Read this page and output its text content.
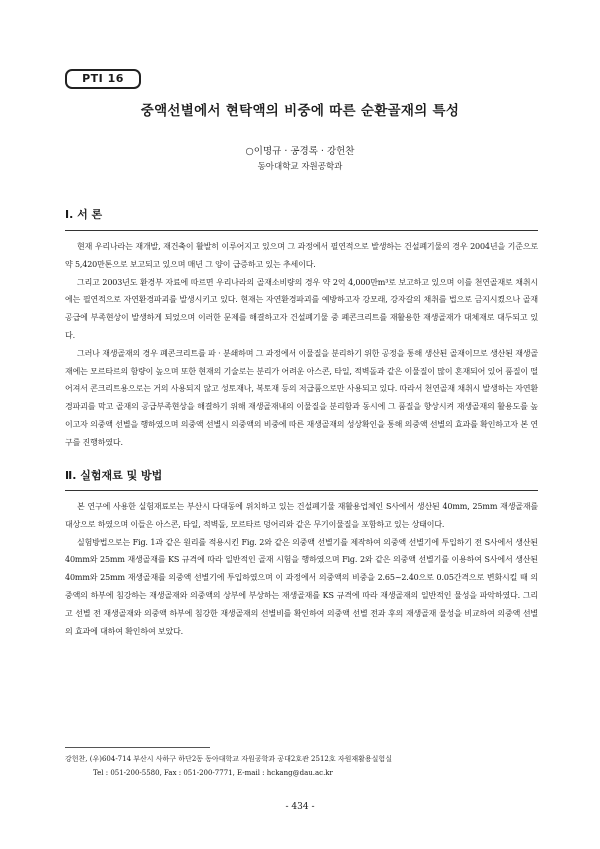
PTI 16
중액선별에서 현탁액의 비중에 따른 순환골재의 특성
○이명규 · 공경록 · 강헌찬
동아대학교 자원공학과
Ⅰ. 서 론

현재 우리나라는 재개발, 재건축이 활발히 이루어지고 있으며 그 과정에서 필연적으로 발생하는 건설폐기물의 경우 2004년을 기준으로 약 5,420만톤으로 보고되고 있으며 매년 그 양이 급증하고 있는 추세이다.

그리고 2003년도 환경부 자료에 따르면 우리나라의 골재소비량의 경우 약 2억 4,000만m³로 보고하고 있으며 이를 천연골재로 채취시에는 필연적으로 자연환경파괴를 발생시키고 있다. 현재는 자연환경파괴를 예방하고자 강모래, 강자갈의 채취를 법으로 금지시켰으나 골재공급에 부족현상이 발생하게 되었으며 이러한 문제를 해결하고자 건설폐기물 중 폐콘크리트를 재활용한 재생골재가 대체재로 대두되고 있다.

그러나 재생골재의 경우 폐콘크리트를 파 · 분쇄하며 그 과정에서 이물질을 분리하기 위한 공정을 통해 생산된 골재이므로 생산된 재생골재에는 모르타르의 함량이 높으며 또한 현재의 기술로는 분리가 어려운 아스콘, 타일, 적벽돌과 같은 이물질이 많이 혼재되어 있어 품질이 떨어져서 콘크리트용으로는 거의 사용되지 않고 성토재나, 복토재 등의 저급품으로만 사용되고 있다. 따라서 천연골재 채취시 발생하는 자연환경파괴를 막고 골재의 공급부족현상을 해결하기 위해 재생골재내의 이물질을 분리함과 동시에 그 품질을 향상시켜 재생골재의 활용도를 높이고자 의중액 선별을 행하였으며 의중액 선별시 의중액의 비중에 따른 재생골재의 성상확인을 통해 의중액 선별의 효과를 확인하고자 본 연구를 진행하였다.

Ⅱ. 실험재료 및 방법

본 연구에 사용한 실험재료로는 부산시 다대동에 위치하고 있는 건설폐기물 재활용업체인 S사에서 생산된 40mm, 25mm 재생골재를 대상으로 하였으며 이들은 아스콘, 타일, 적벽돌, 모르타르 덩어리와 같은 무기이물질을 포함하고 있는 상태이다.

실험방법으로는 Fig. 1과 같은 원리를 적용시킨 Fig. 2와 같은 의중액 선별기를 제작하여 의중액 선별기에 투입하기 전 S사에서 생산된 40mm와 25mm 재생골재를 KS 규격에 따라 일반적인 골재 시험을 행하였으며 Fig. 2와 같은 의중액 선별기를 이용하여 S사에서 생산된 40mm와 25mm 재생골재를 의중액 선별기에 투입하였으며 이 과정에서 의중액의 비중을 2.65~2.40으로 0.05간격으로 변화시킬 때 의중액의 하부에 침강하는 재생골재와 의중액의 상부에 부상하는 재생골재를 KS 규격에 따라 재생골재의 일반적인 물성을 파악하였다. 그리고 선별 전 재생골재와 의중액 하부에 침강한 재생골재의 선별비를 확인하여 의중액 선별 전과 후의 재생골재 물성을 비교하여 의중액 선별의 효과에 대하여 확인하여 보았다.

강헌찬, (우)604-714 부산시 사하구 하단2동 동아대학교 자원공학과 공대2호관 2512호 자원재활용실험실
Tel : 051-200-5580, Fax : 051-200-7771, E-mail : hckang@dau.ac.kr
- 434 -
